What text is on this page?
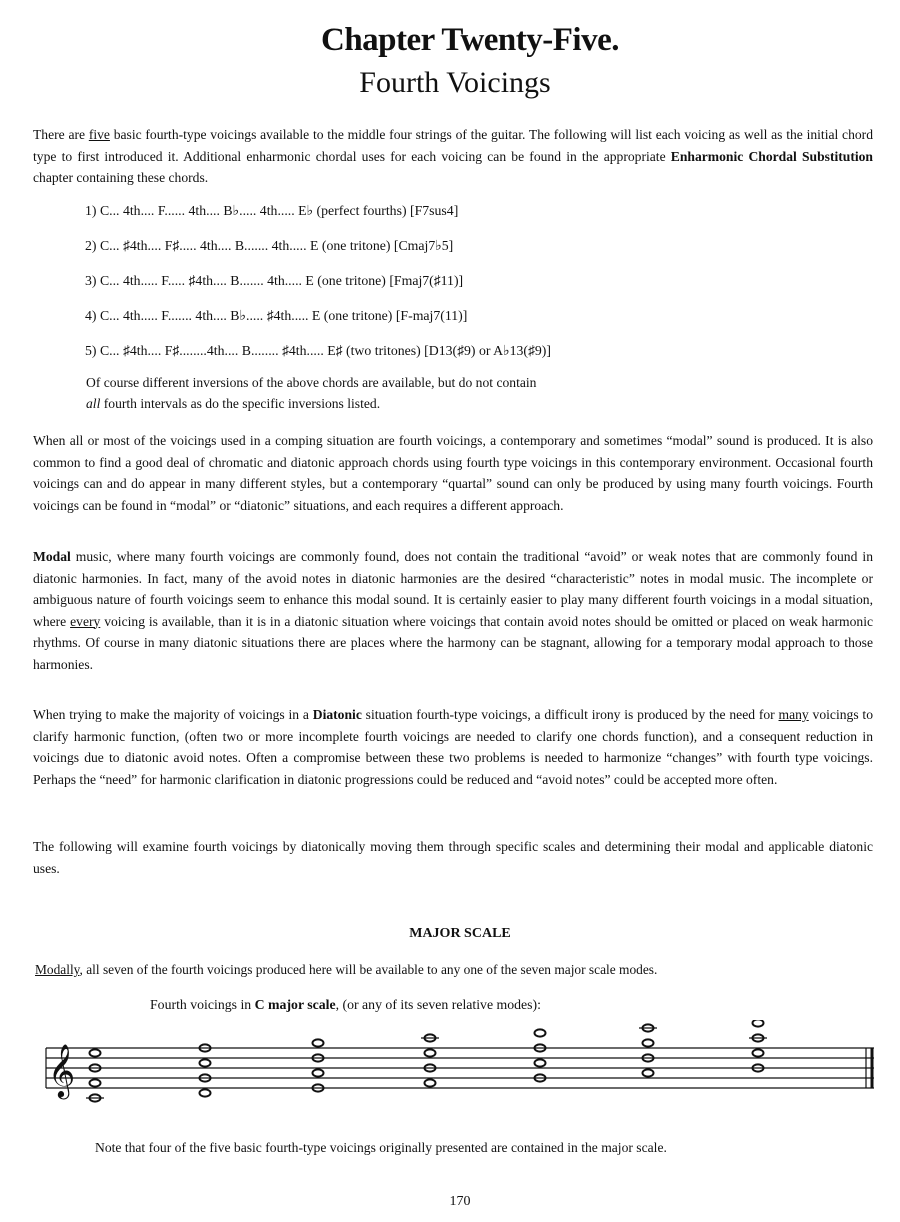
Chapter Twenty-Five.
Fourth Voicings

There are five basic fourth-type voicings available to the middle four strings of the guitar. The following will list each voicing as well as the initial chord type to first introduced it. Additional enharmonic chordal uses for each voicing can be found in the appropriate Enharmonic Chordal Substitution chapter containing these chords.

1) C... 4th.... F...... 4th.... B♭..... 4th..... E♭ (perfect fourths) [F7sus4]
2) C... ♯4th.... F♯..... 4th.... B....... 4th..... E (one tritone) [Cmaj7♭5]
3) C... 4th..... F..... ♯4th.... B....... 4th..... E (one tritone) [Fmaj7(♯11)]
4) C... 4th..... F....... 4th.... B♭..... ♯4th..... E (one tritone) [F-maj7(11)]
5) C... ♯4th.... F♯........4th.... B........ ♯4th..... E♯ (two tritones) [D13(♯9) or A♭13(♯9)]

Of course different inversions of the above chords are available, but do not contain
all fourth intervals as do the specific inversions listed.

When all or most of the voicings used in a comping situation are fourth voicings, a contemporary and sometimes “modal” sound is produced. It is also common to find a good deal of chromatic and diatonic approach chords using fourth type voicings in this contemporary environment. Occasional fourth voicings can and do appear in many different styles, but a contemporary “quartal” sound can only be produced by using many fourth voicings. Fourth voicings can be found in “modal” or “diatonic” situations, and each requires a different approach.

Modal music, where many fourth voicings are commonly found, does not contain the traditional “avoid” or weak notes that are commonly found in diatonic harmonies. In fact, many of the avoid notes in diatonic harmonies are the desired “characteristic” notes in modal music. The incomplete or ambiguous nature of fourth voicings seem to enhance this modal sound. It is certainly easier to play many different fourth voicings in a modal situation, where every voicing is available, than it is in a diatonic situation where voicings that contain avoid notes should be omitted or placed on weak harmonic rhythms. Of course in many diatonic situations there are places where the harmony can be stagnant, allowing for a temporary modal approach to those harmonies.

When trying to make the majority of voicings in a Diatonic situation fourth-type voicings, a difficult irony is produced by the need for many voicings to clarify harmonic function, (often two or more incomplete fourth voicings are needed to clarify one chords function), and a consequent reduction in voicings due to diatonic avoid notes. Often a compromise between these two problems is needed to harmonize “changes” with fourth type voicings. Perhaps the “need” for harmonic clarification in diatonic progressions could be reduced and “avoid notes” could be accepted more often.

The following will examine fourth voicings by diatonically moving them through specific scales and determining their modal and applicable diatonic uses.

MAJOR SCALE

Modally, all seven of the fourth voicings produced here will be available to any one of the seven major scale modes.

Fourth voicings in C major scale, (or any of its seven relative modes):

𝄞

Note that four of the five basic fourth-type voicings originally presented are contained in the major scale.

170
